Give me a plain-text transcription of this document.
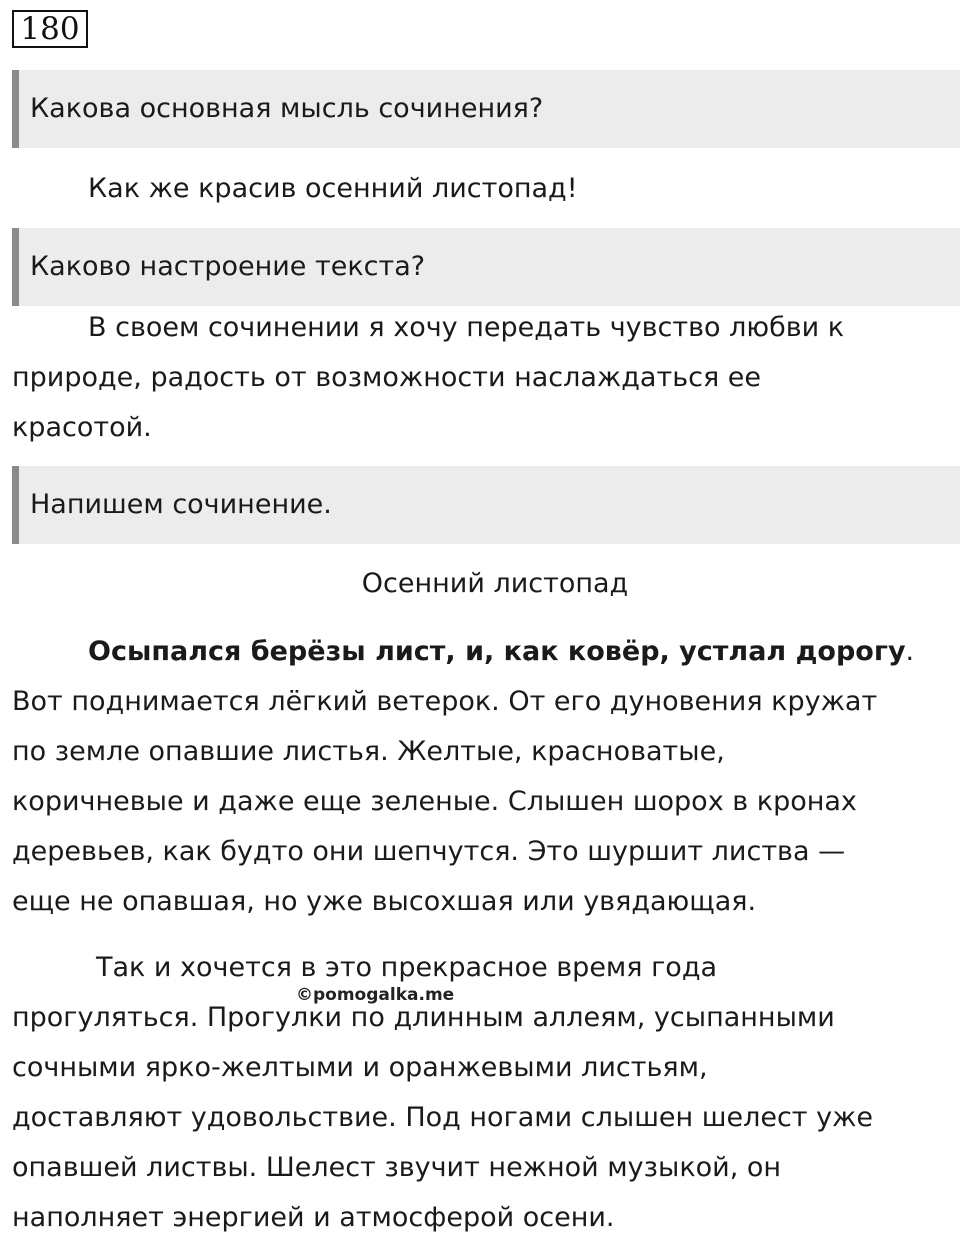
180
Какова основная мысль сочинения?

Как же красив осенний листопад!

Каково настроение текста?

В своем сочинении я хочу передать чувство любви к
природе, радость от возможности наслаждаться ее
красотой.

Напишем сочинение.
Осенний листопад

Осыпался берёзы лист, и, как ковёр, устлал дорогу.
Вот поднимается лёгкий ветерок. От его дуновения кружат
по земле опавшие листья. Желтые, красноватые,
коричневые и даже еще зеленые. Слышен шорох в кронах
деревьев, как будто они шепчутся. Это шуршит листва —
еще не опавшая, но уже высохшая или увядающая.

Так и хочется в это прекрасное время года
прогуляться. Прогулки по длинным аллеям, усыпанными
сочными ярко-желтыми и оранжевыми листьям,
доставляют удовольствие. Под ногами слышен шелест уже
опавшей листвы. Шелест звучит нежной музыкой, он
наполняет энергией и атмосферой осени.

©pomogalka.me
